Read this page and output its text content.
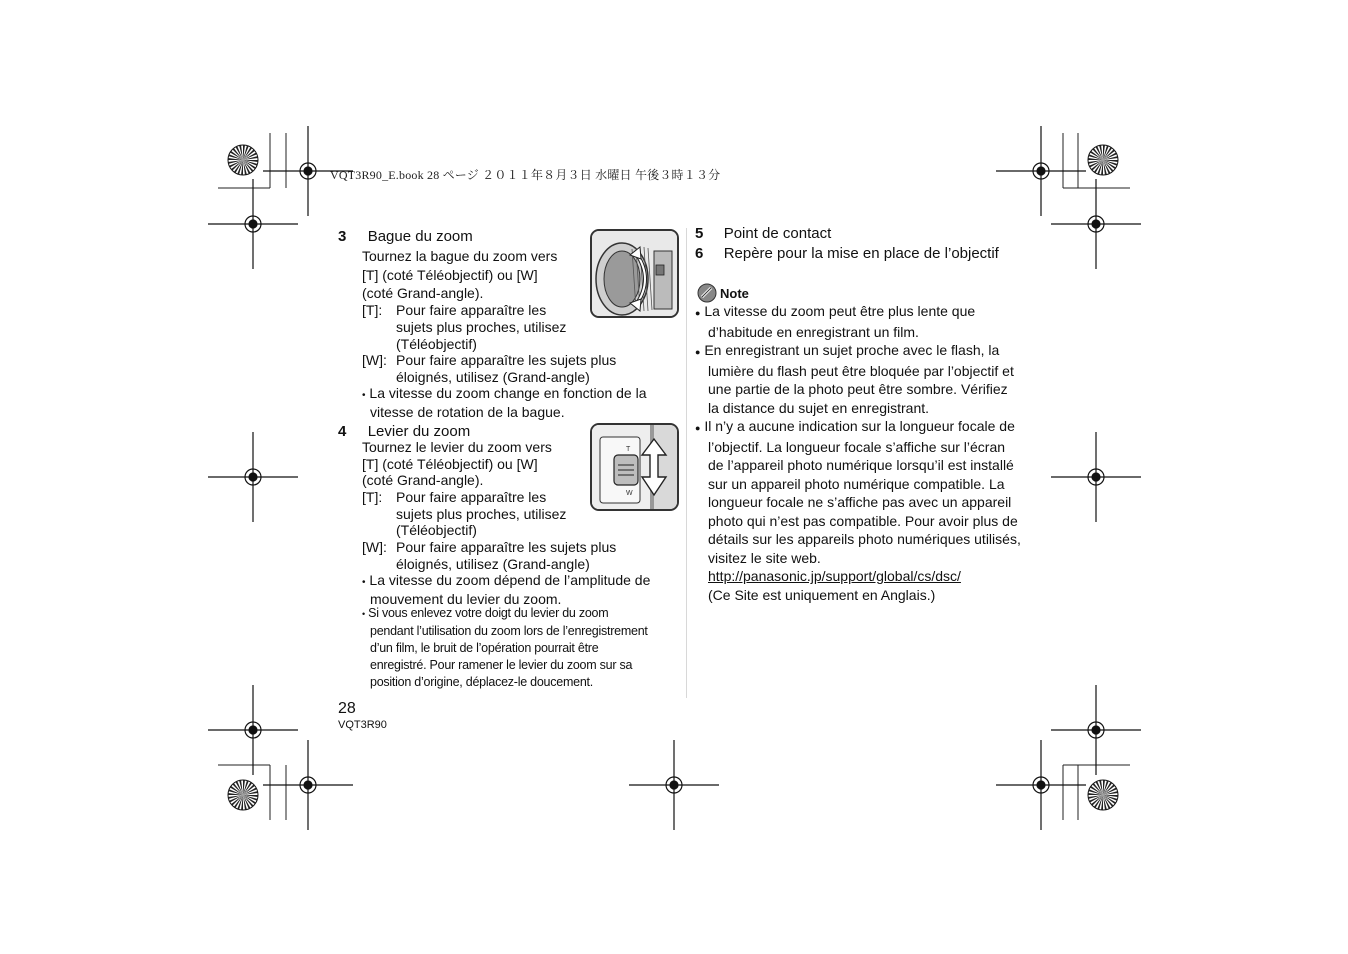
VQT3R90_E.book 28 ページ ２０１１年８月３日 水曜日 午後３時１３分
3 Bague du zoom
Tournez la bague du zoom vers
[T] (coté Téléobjectif) ou [W]
(coté Grand-angle).
[T]: Pour faire apparaître les
sujets plus proches, utilisez
(Téléobjectif)
[W]: Pour faire apparaître les sujets plus
éloignés, utilisez (Grand-angle)
• La vitesse du zoom change en fonction de la
vitesse de rotation de la bague.
4 Levier du zoom
Tournez le levier du zoom vers
[T] (coté Téléobjectif) ou [W]
(coté Grand-angle).
[T]: Pour faire apparaître les
sujets plus proches, utilisez
(Téléobjectif)
[W]: Pour faire apparaître les sujets plus
éloignés, utilisez (Grand-angle)
• La vitesse du zoom dépend de l’amplitude de
mouvement du levier du zoom.
• Si vous enlevez votre doigt du levier du zoom
pendant l’utilisation du zoom lors de l’enregistrement
d’un film, le bruit de l’opération pourrait être
enregistré. Pour ramener le levier du zoom sur sa
position d’origine, déplacez-le doucement.
T
W
5 Point de contact
6 Repère pour la mise en place de l’objectif
Note
● La vitesse du zoom peut être plus lente que
d’habitude en enregistrant un film.
● En enregistrant un sujet proche avec le flash, la
lumière du flash peut être bloquée par l’objectif et
une partie de la photo peut être sombre. Vérifiez
la distance du sujet en enregistrant.
● Il n’y a aucune indication sur la longueur focale de
l’objectif. La longueur focale s’affiche sur l’écran
de l’appareil photo numérique lorsqu’il est installé
sur un appareil photo numérique compatible. La
longueur focale ne s’affiche pas avec un appareil
photo qui n’est pas compatible. Pour avoir plus de
détails sur les appareils photo numériques utilisés,
visitez le site web.
http://panasonic.jp/support/global/cs/dsc/
(Ce Site est uniquement en Anglais.)
28
VQT3R90
